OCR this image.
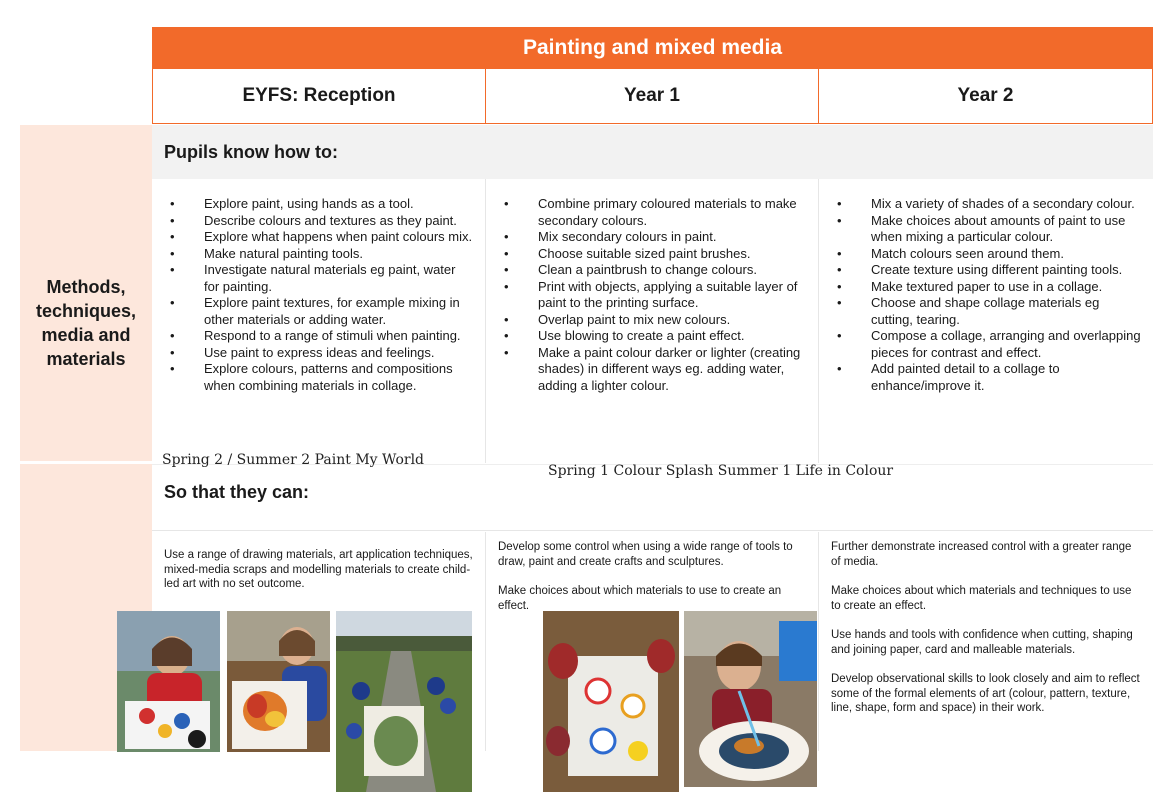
Painting and mixed media
EYFS: Reception	Year 1	Year 2
Methods, techniques, media and materials
Pupils know how to:
• Explore paint, using hands as a tool.
• Describe colours and textures as they paint.
• Explore what happens when paint colours mix.
• Make natural painting tools.
• Investigate natural materials eg paint, water for painting.
• Explore paint textures, for example mixing in other materials or adding water.
• Respond to a range of stimuli when painting.
• Use paint to express ideas and feelings.
• Explore colours, patterns and compositions when combining materials in collage.
• Combine primary coloured materials to make secondary colours.
• Mix secondary colours in paint.
• Choose suitable sized paint brushes.
• Clean a paintbrush to change colours.
• Print with objects, applying a suitable layer of paint to the printing surface.
• Overlap paint to mix new colours.
• Use blowing to create a paint effect.
• Make a paint colour darker or lighter (creating shades) in different ways eg. adding water, adding a lighter colour.
• Mix a variety of shades of a secondary colour.
• Make choices about amounts of paint to use when mixing a particular colour.
• Match colours seen around them.
• Create texture using different painting tools.
• Make textured paper to use in a collage.
• Choose and shape collage materials eg cutting, tearing.
• Compose a collage, arranging and overlapping pieces for contrast and effect.
• Add painted detail to a collage to enhance/improve it.
So that they can:
Spring 2 / Summer 2 Paint My World
Spring 1 Colour Splash Summer 1 Life in Colour

Use a range of drawing materials, art application techniques, mixed-media scraps and modelling materials to create child-led art with no set outcome.

Develop some control when using a wide range of tools to draw, paint and create crafts and sculptures.

Make choices about which materials to use to create an effect.

Further demonstrate increased control with a greater range of media.

Make choices about which materials and techniques to use to create an effect.

Use hands and tools with confidence when cutting, shaping and joining paper, card and malleable materials.

Develop observational skills to look closely and aim to reflect some of the formal elements of art (colour, pattern, texture, line, shape, form and space) in their work.
